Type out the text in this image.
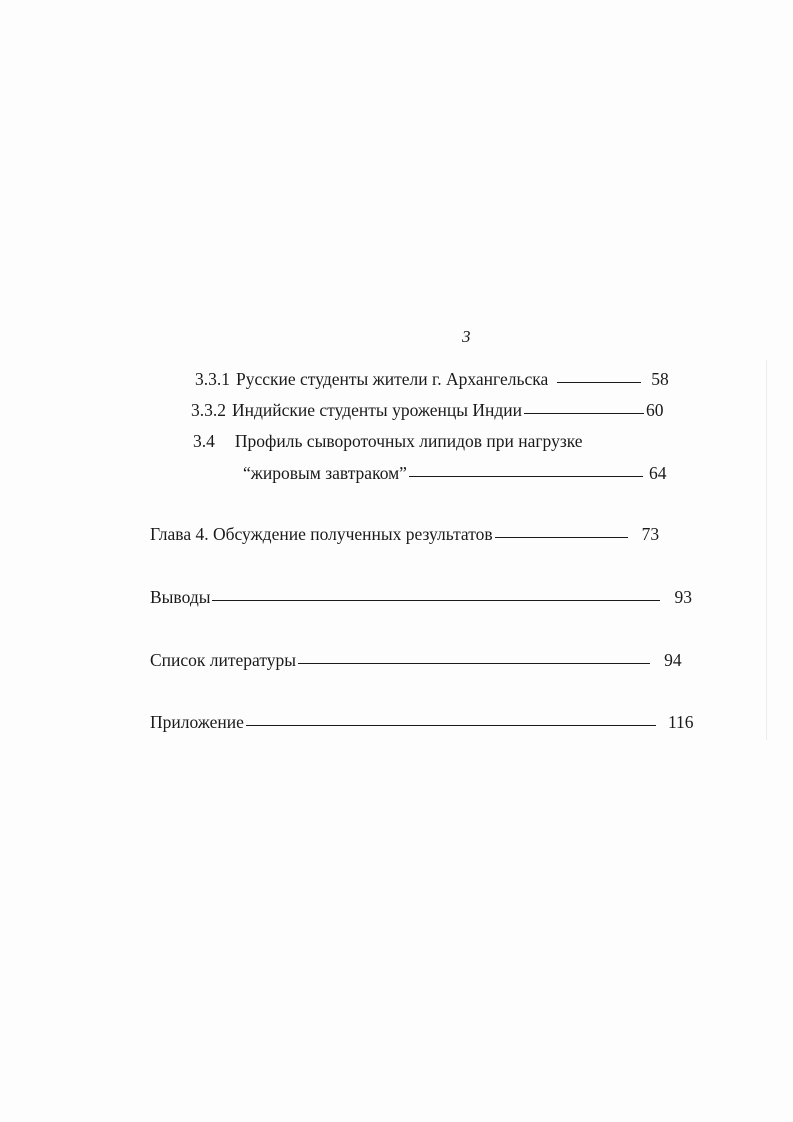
3
3.3.1 Русские студенты жители г. Архангельска	58
3.3.2 Индийские студенты уроженцы Индии	60
3.4 Профиль сывороточных липидов при нагрузке
“жировым завтраком”	64
Глава 4. Обсуждение полученных результатов	73
Выводы	93
Список литературы	94
Приложение	116
